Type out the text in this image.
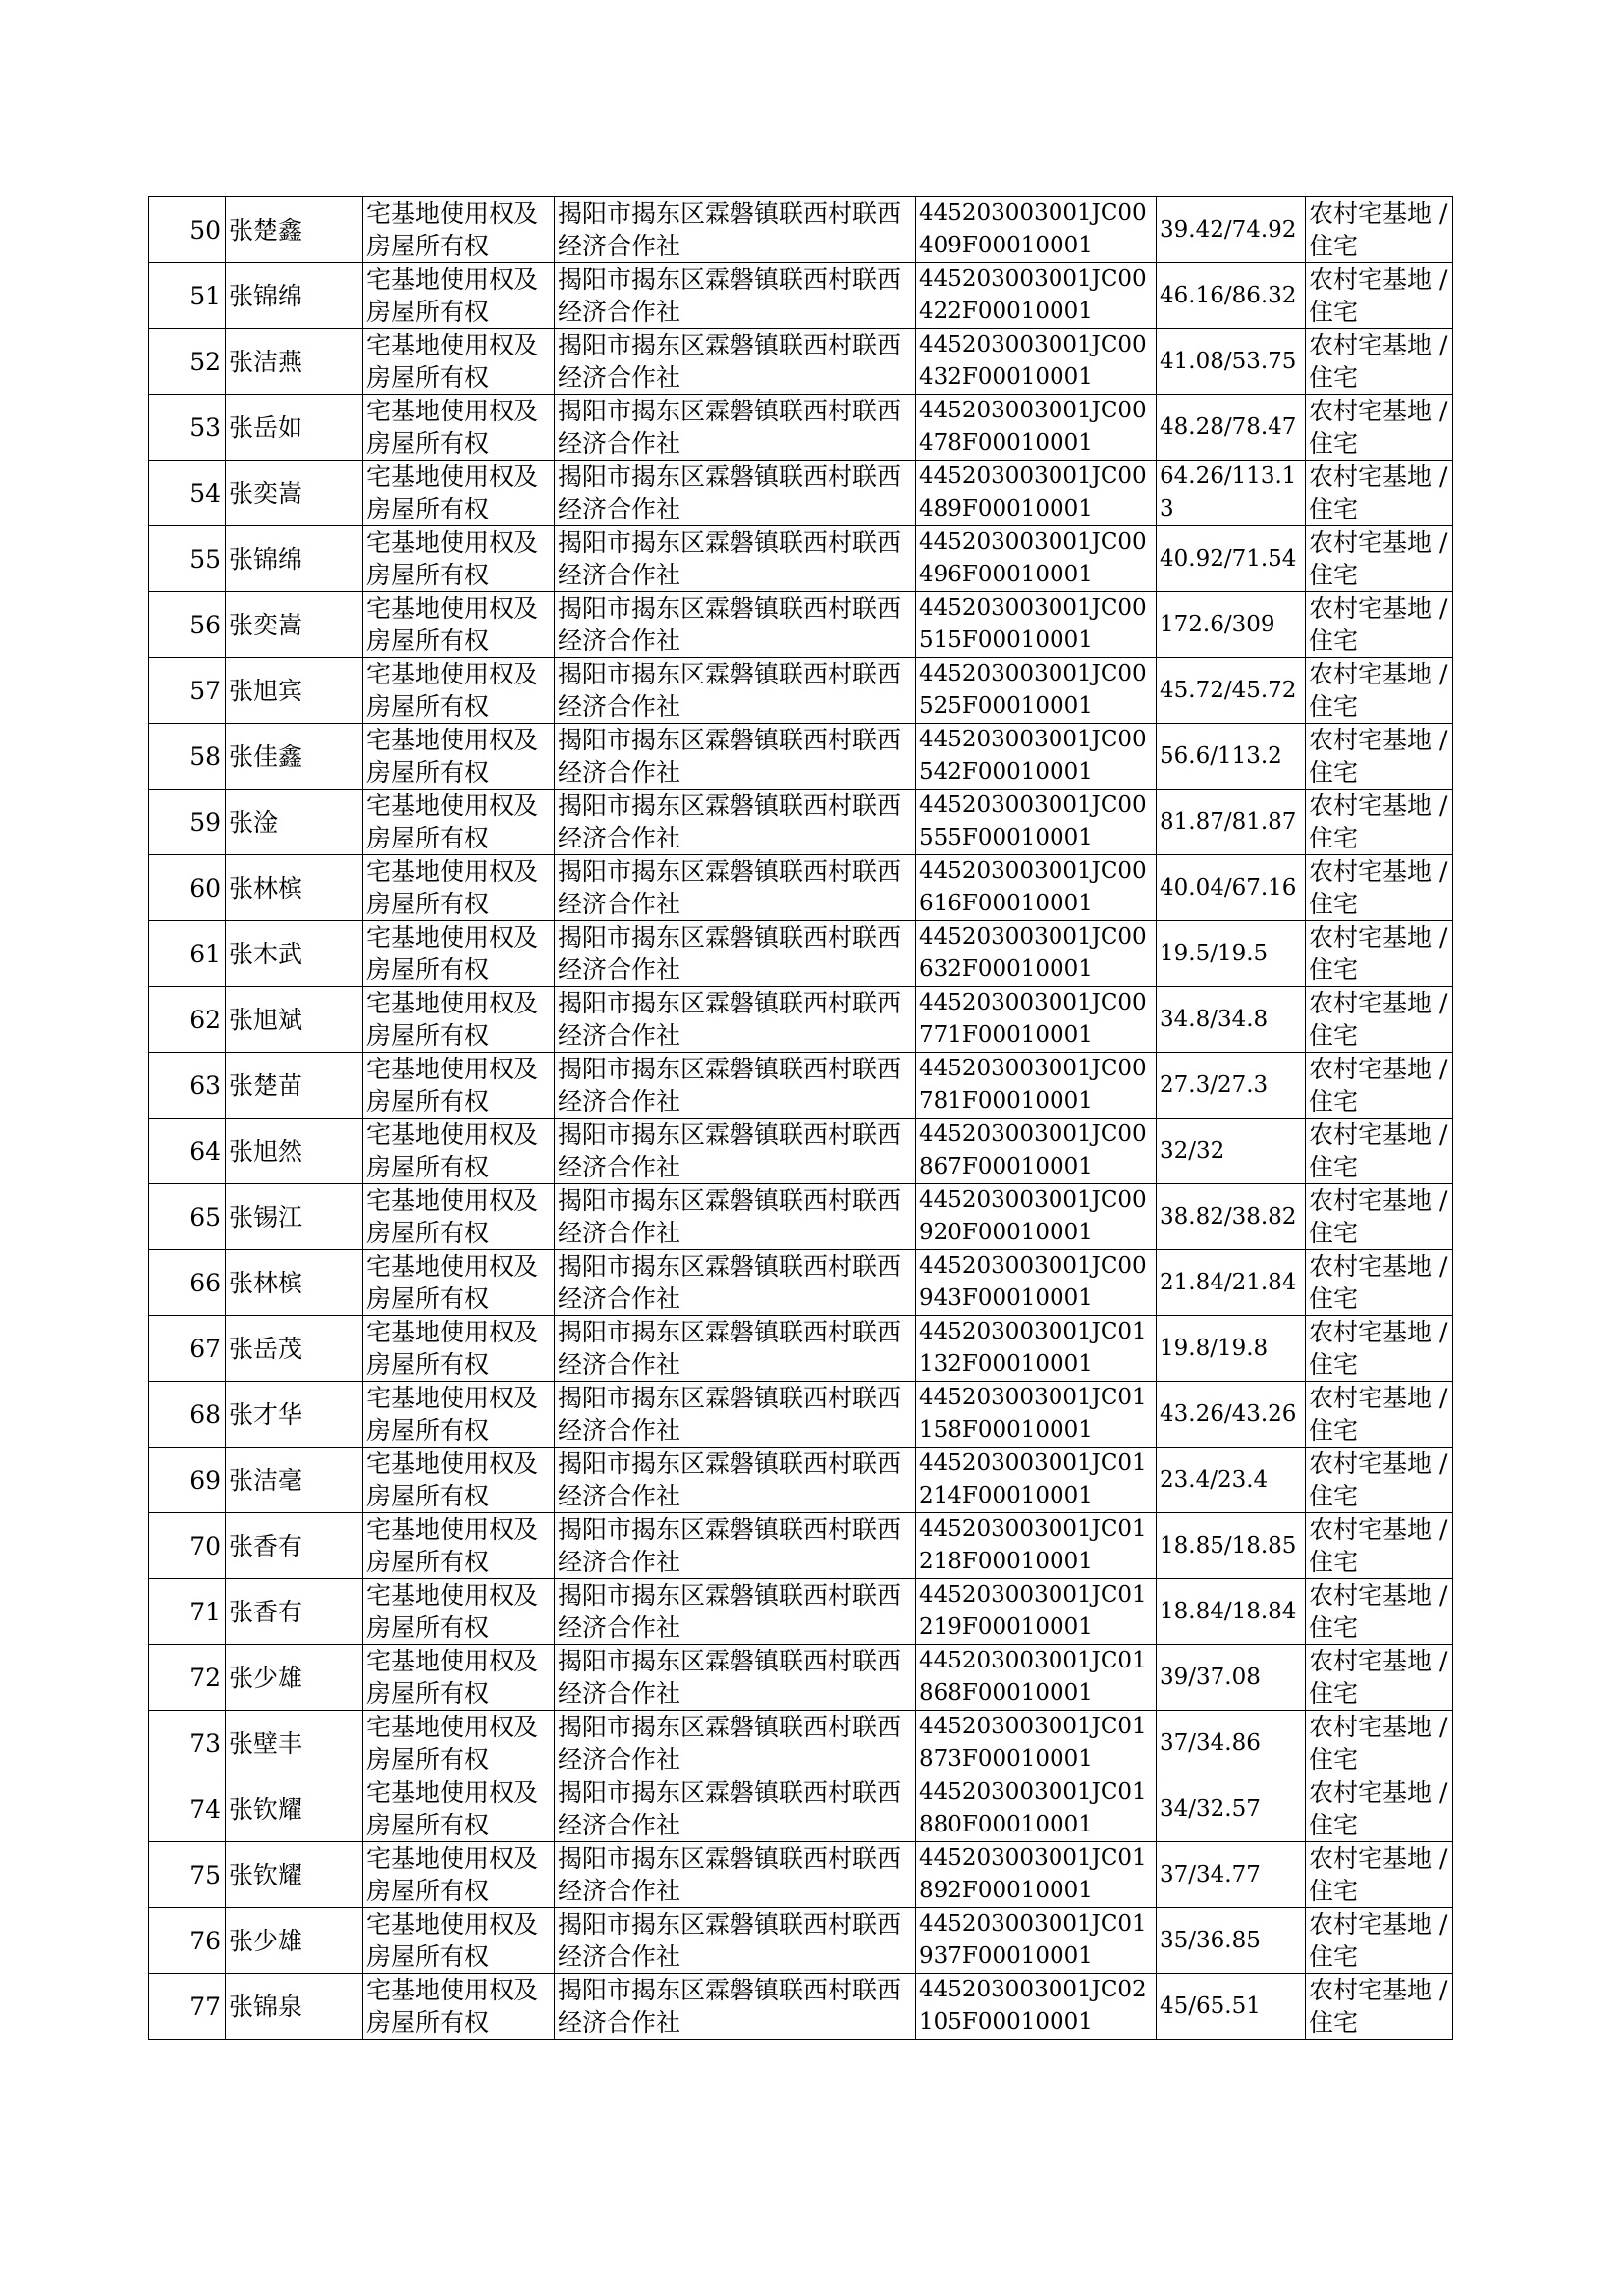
50	张楚鑫	宅基地使用权及房屋所有权	揭阳市揭东区霖磐镇联西村联西经济合作社	445203003001JC00409F00010001	39.42/74.92	农村宅基地 / 住宅
51	张锦绵	宅基地使用权及房屋所有权	揭阳市揭东区霖磐镇联西村联西经济合作社	445203003001JC00422F00010001	46.16/86.32	农村宅基地 / 住宅
52	张洁燕	宅基地使用权及房屋所有权	揭阳市揭东区霖磐镇联西村联西经济合作社	445203003001JC00432F00010001	41.08/53.75	农村宅基地 / 住宅
53	张岳如	宅基地使用权及房屋所有权	揭阳市揭东区霖磐镇联西村联西经济合作社	445203003001JC00478F00010001	48.28/78.47	农村宅基地 / 住宅
54	张奕嵩	宅基地使用权及房屋所有权	揭阳市揭东区霖磐镇联西村联西经济合作社	445203003001JC00489F00010001	64.26/113.13	农村宅基地 / 住宅
55	张锦绵	宅基地使用权及房屋所有权	揭阳市揭东区霖磐镇联西村联西经济合作社	445203003001JC00496F00010001	40.92/71.54	农村宅基地 / 住宅
56	张奕嵩	宅基地使用权及房屋所有权	揭阳市揭东区霖磐镇联西村联西经济合作社	445203003001JC00515F00010001	172.6/309	农村宅基地 / 住宅
57	张旭宾	宅基地使用权及房屋所有权	揭阳市揭东区霖磐镇联西村联西经济合作社	445203003001JC00525F00010001	45.72/45.72	农村宅基地 / 住宅
58	张佳鑫	宅基地使用权及房屋所有权	揭阳市揭东区霖磐镇联西村联西经济合作社	445203003001JC00542F00010001	56.6/113.2	农村宅基地 / 住宅
59	张淦	宅基地使用权及房屋所有权	揭阳市揭东区霖磐镇联西村联西经济合作社	445203003001JC00555F00010001	81.87/81.87	农村宅基地 / 住宅
60	张林槟	宅基地使用权及房屋所有权	揭阳市揭东区霖磐镇联西村联西经济合作社	445203003001JC00616F00010001	40.04/67.16	农村宅基地 / 住宅
61	张木武	宅基地使用权及房屋所有权	揭阳市揭东区霖磐镇联西村联西经济合作社	445203003001JC00632F00010001	19.5/19.5	农村宅基地 / 住宅
62	张旭斌	宅基地使用权及房屋所有权	揭阳市揭东区霖磐镇联西村联西经济合作社	445203003001JC00771F00010001	34.8/34.8	农村宅基地 / 住宅
63	张楚苗	宅基地使用权及房屋所有权	揭阳市揭东区霖磐镇联西村联西经济合作社	445203003001JC00781F00010001	27.3/27.3	农村宅基地 / 住宅
64	张旭然	宅基地使用权及房屋所有权	揭阳市揭东区霖磐镇联西村联西经济合作社	445203003001JC00867F00010001	32/32	农村宅基地 / 住宅
65	张锡江	宅基地使用权及房屋所有权	揭阳市揭东区霖磐镇联西村联西经济合作社	445203003001JC00920F00010001	38.82/38.82	农村宅基地 / 住宅
66	张林槟	宅基地使用权及房屋所有权	揭阳市揭东区霖磐镇联西村联西经济合作社	445203003001JC00943F00010001	21.84/21.84	农村宅基地 / 住宅
67	张岳茂	宅基地使用权及房屋所有权	揭阳市揭东区霖磐镇联西村联西经济合作社	445203003001JC01132F00010001	19.8/19.8	农村宅基地 / 住宅
68	张才华	宅基地使用权及房屋所有权	揭阳市揭东区霖磐镇联西村联西经济合作社	445203003001JC01158F00010001	43.26/43.26	农村宅基地 / 住宅
69	张洁毫	宅基地使用权及房屋所有权	揭阳市揭东区霖磐镇联西村联西经济合作社	445203003001JC01214F00010001	23.4/23.4	农村宅基地 / 住宅
70	张香有	宅基地使用权及房屋所有权	揭阳市揭东区霖磐镇联西村联西经济合作社	445203003001JC01218F00010001	18.85/18.85	农村宅基地 / 住宅
71	张香有	宅基地使用权及房屋所有权	揭阳市揭东区霖磐镇联西村联西经济合作社	445203003001JC01219F00010001	18.84/18.84	农村宅基地 / 住宅
72	张少雄	宅基地使用权及房屋所有权	揭阳市揭东区霖磐镇联西村联西经济合作社	445203003001JC01868F00010001	39/37.08	农村宅基地 / 住宅
73	张壁丰	宅基地使用权及房屋所有权	揭阳市揭东区霖磐镇联西村联西经济合作社	445203003001JC01873F00010001	37/34.86	农村宅基地 / 住宅
74	张钦耀	宅基地使用权及房屋所有权	揭阳市揭东区霖磐镇联西村联西经济合作社	445203003001JC01880F00010001	34/32.57	农村宅基地 / 住宅
75	张钦耀	宅基地使用权及房屋所有权	揭阳市揭东区霖磐镇联西村联西经济合作社	445203003001JC01892F00010001	37/34.77	农村宅基地 / 住宅
76	张少雄	宅基地使用权及房屋所有权	揭阳市揭东区霖磐镇联西村联西经济合作社	445203003001JC01937F00010001	35/36.85	农村宅基地 / 住宅
77	张锦泉	宅基地使用权及房屋所有权	揭阳市揭东区霖磐镇联西村联西经济合作社	445203003001JC02105F00010001	45/65.51	农村宅基地 / 住宅
